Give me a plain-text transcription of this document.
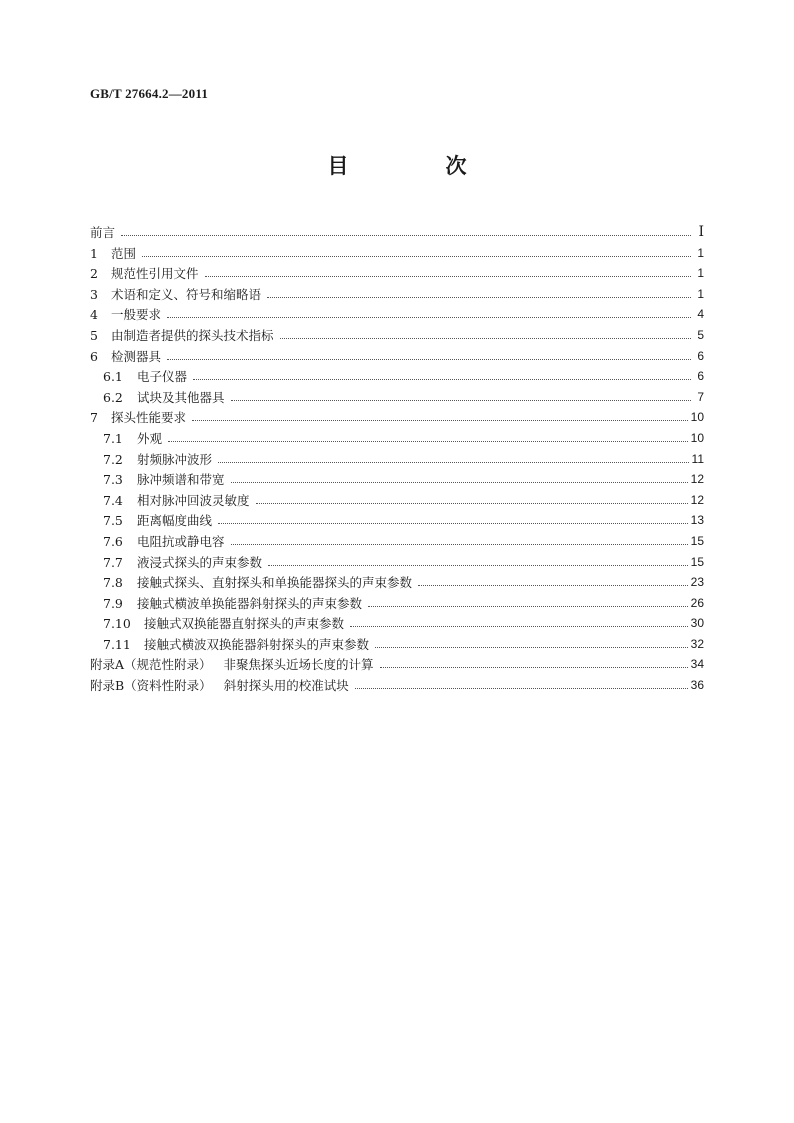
GB/T 27664.2—2011
目　次
前言	Ⅰ
1	范围	1
2	规范性引用文件	1
3	术语和定义、符号和缩略语	1
4	一般要求	4
5	由制造者提供的探头技术指标	5
6	检测器具	6
6.1	电子仪器	6
6.2	试块及其他器具	7
7	探头性能要求	10
7.1	外观	10
7.2	射频脉冲波形	11
7.3	脉冲频谱和带宽	12
7.4	相对脉冲回波灵敏度	12
7.5	距离幅度曲线	13
7.6	电阻抗或静电容	15
7.7	液浸式探头的声束参数	15
7.8	接触式探头、直射探头和单换能器探头的声束参数	23
7.9	接触式横波单换能器斜射探头的声束参数	26
7.10	接触式双换能器直射探头的声束参数	30
7.11	接触式横波双换能器斜射探头的声束参数	32
附录A（规范性附录） 非聚焦探头近场长度的计算	34
附录B（资料性附录） 斜射探头用的校准试块	36
